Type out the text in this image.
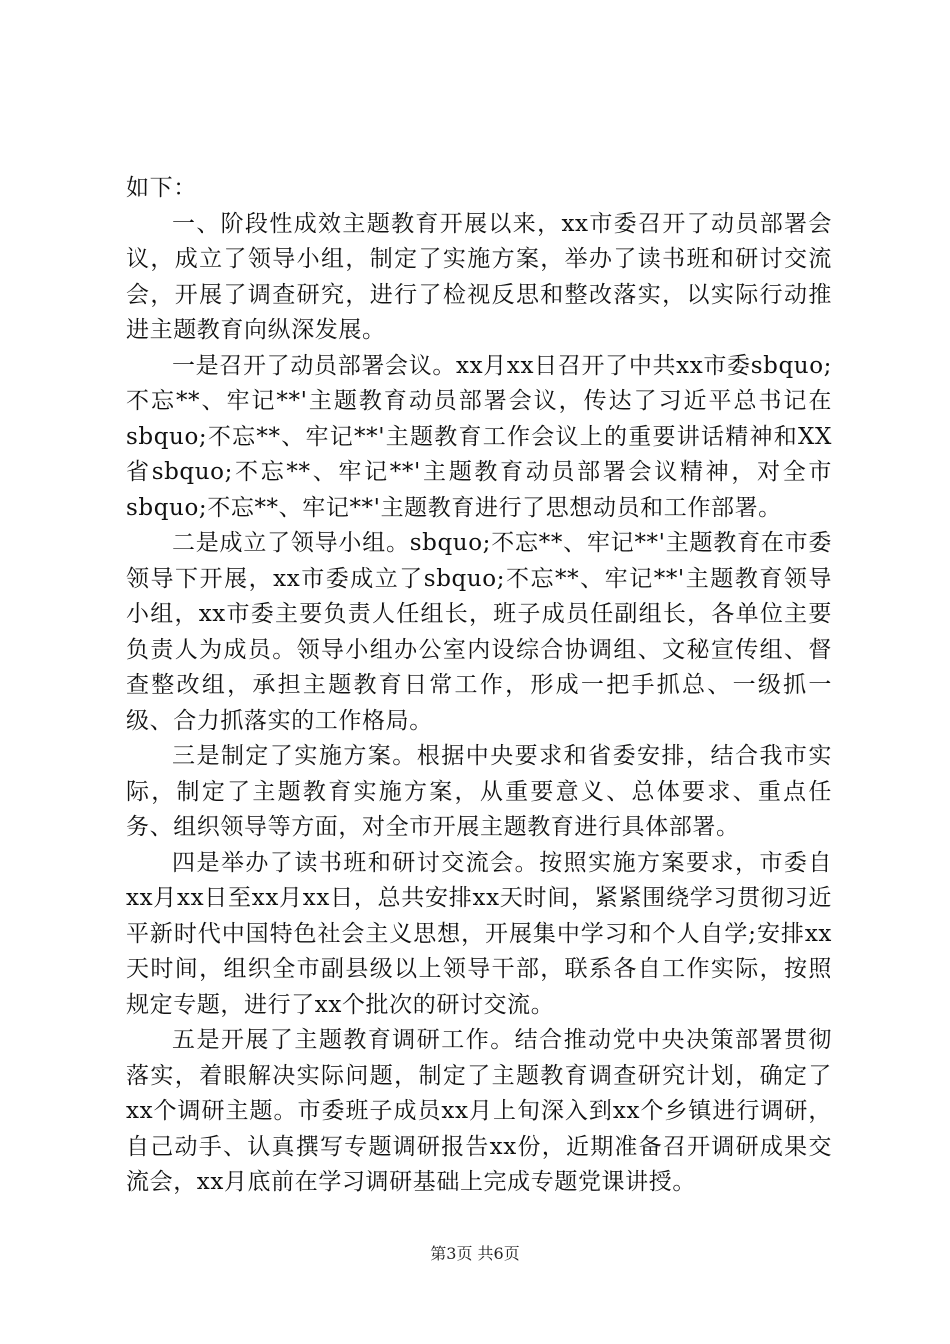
如下：

一、阶段性成效主题教育开展以来，xx市委召开了动员部署会议，成立了领导小组，制定了实施方案，举办了读书班和研讨交流会，开展了调查研究，进行了检视反思和整改落实，以实际行动推进主题教育向纵深发展。

一是召开了动员部署会议。xx月xx日召开了中共xx市委sbquo;不忘**、牢记**'主题教育动员部署会议，传达了习近平总书记在sbquo;不忘**、牢记**'主题教育工作会议上的重要讲话精神和XX省sbquo;不忘**、牢记**'主题教育动员部署会议精神，对全市sbquo;不忘**、牢记**'主题教育进行了思想动员和工作部署。

二是成立了领导小组。sbquo;不忘**、牢记**'主题教育在市委领导下开展，xx市委成立了sbquo;不忘**、牢记**'主题教育领导小组，xx市委主要负责人任组长，班子成员任副组长，各单位主要负责人为成员。领导小组办公室内设综合协调组、文秘宣传组、督查整改组，承担主题教育日常工作，形成一把手抓总、一级抓一级、合力抓落实的工作格局。

三是制定了实施方案。根据中央要求和省委安排，结合我市实际，制定了主题教育实施方案，从重要意义、总体要求、重点任务、组织领导等方面，对全市开展主题教育进行具体部署。

四是举办了读书班和研讨交流会。按照实施方案要求，市委自xx月xx日至xx月xx日，总共安排xx天时间，紧紧围绕学习贯彻习近平新时代中国特色社会主义思想，开展集中学习和个人自学;安排xx天时间，组织全市副县级以上领导干部，联系各自工作实际，按照规定专题，进行了xx个批次的研讨交流。

五是开展了主题教育调研工作。结合推动党中央决策部署贯彻落实，着眼解决实际问题，制定了主题教育调查研究计划，确定了xx个调研主题。市委班子成员xx月上旬深入到xx个乡镇进行调研，自己动手、认真撰写专题调研报告xx份，近期准备召开调研成果交流会，xx月底前在学习调研基础上完成专题党课讲授。

第3页 共6页
